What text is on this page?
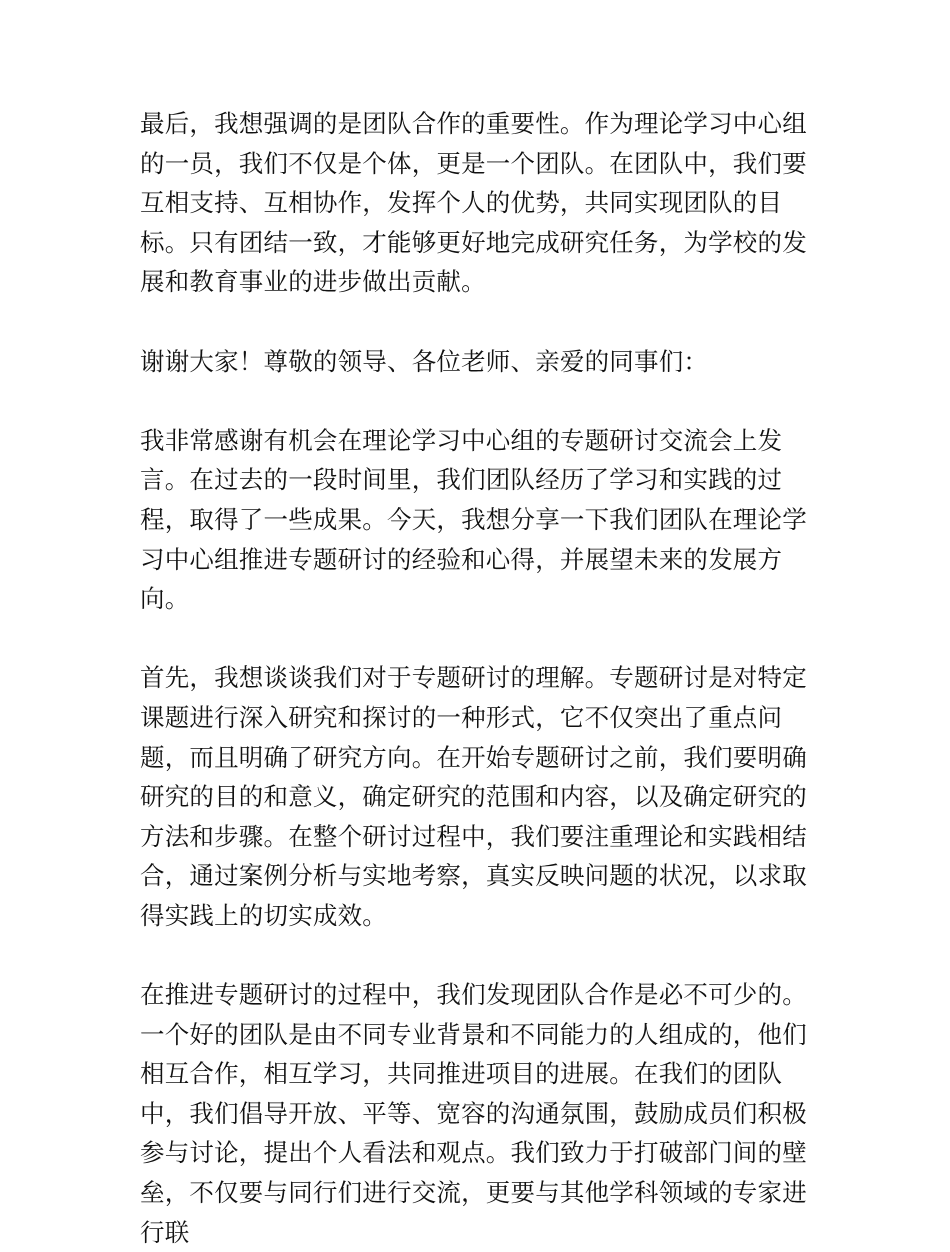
最后，我想强调的是团队合作的重要性。作为理论学习中心组的一员，我们不仅是个体，更是一个团队。在团队中，我们要互相支持、互相协作，发挥个人的优势，共同实现团队的目标。只有团结一致，才能够更好地完成研究任务，为学校的发展和教育事业的进步做出贡献。

谢谢大家！尊敬的领导、各位老师、亲爱的同事们：

我非常感谢有机会在理论学习中心组的专题研讨交流会上发言。在过去的一段时间里，我们团队经历了学习和实践的过程，取得了一些成果。今天，我想分享一下我们团队在理论学习中心组推进专题研讨的经验和心得，并展望未来的发展方向。

首先，我想谈谈我们对于专题研讨的理解。专题研讨是对特定课题进行深入研究和探讨的一种形式，它不仅突出了重点问题，而且明确了研究方向。在开始专题研讨之前，我们要明确研究的目的和意义，确定研究的范围和内容，以及确定研究的方法和步骤。在整个研讨过程中，我们要注重理论和实践相结合，通过案例分析与实地考察，真实反映问题的状况，以求取得实践上的切实成效。

在推进专题研讨的过程中，我们发现团队合作是必不可少的。一个好的团队是由不同专业背景和不同能力的人组成的，他们相互合作，相互学习，共同推进项目的进展。在我们的团队中，我们倡导开放、平等、宽容的沟通氛围，鼓励成员们积极参与讨论，提出个人看法和观点。我们致力于打破部门间的壁垒，不仅要与同行们进行交流，更要与其他学科领域的专家进行联
